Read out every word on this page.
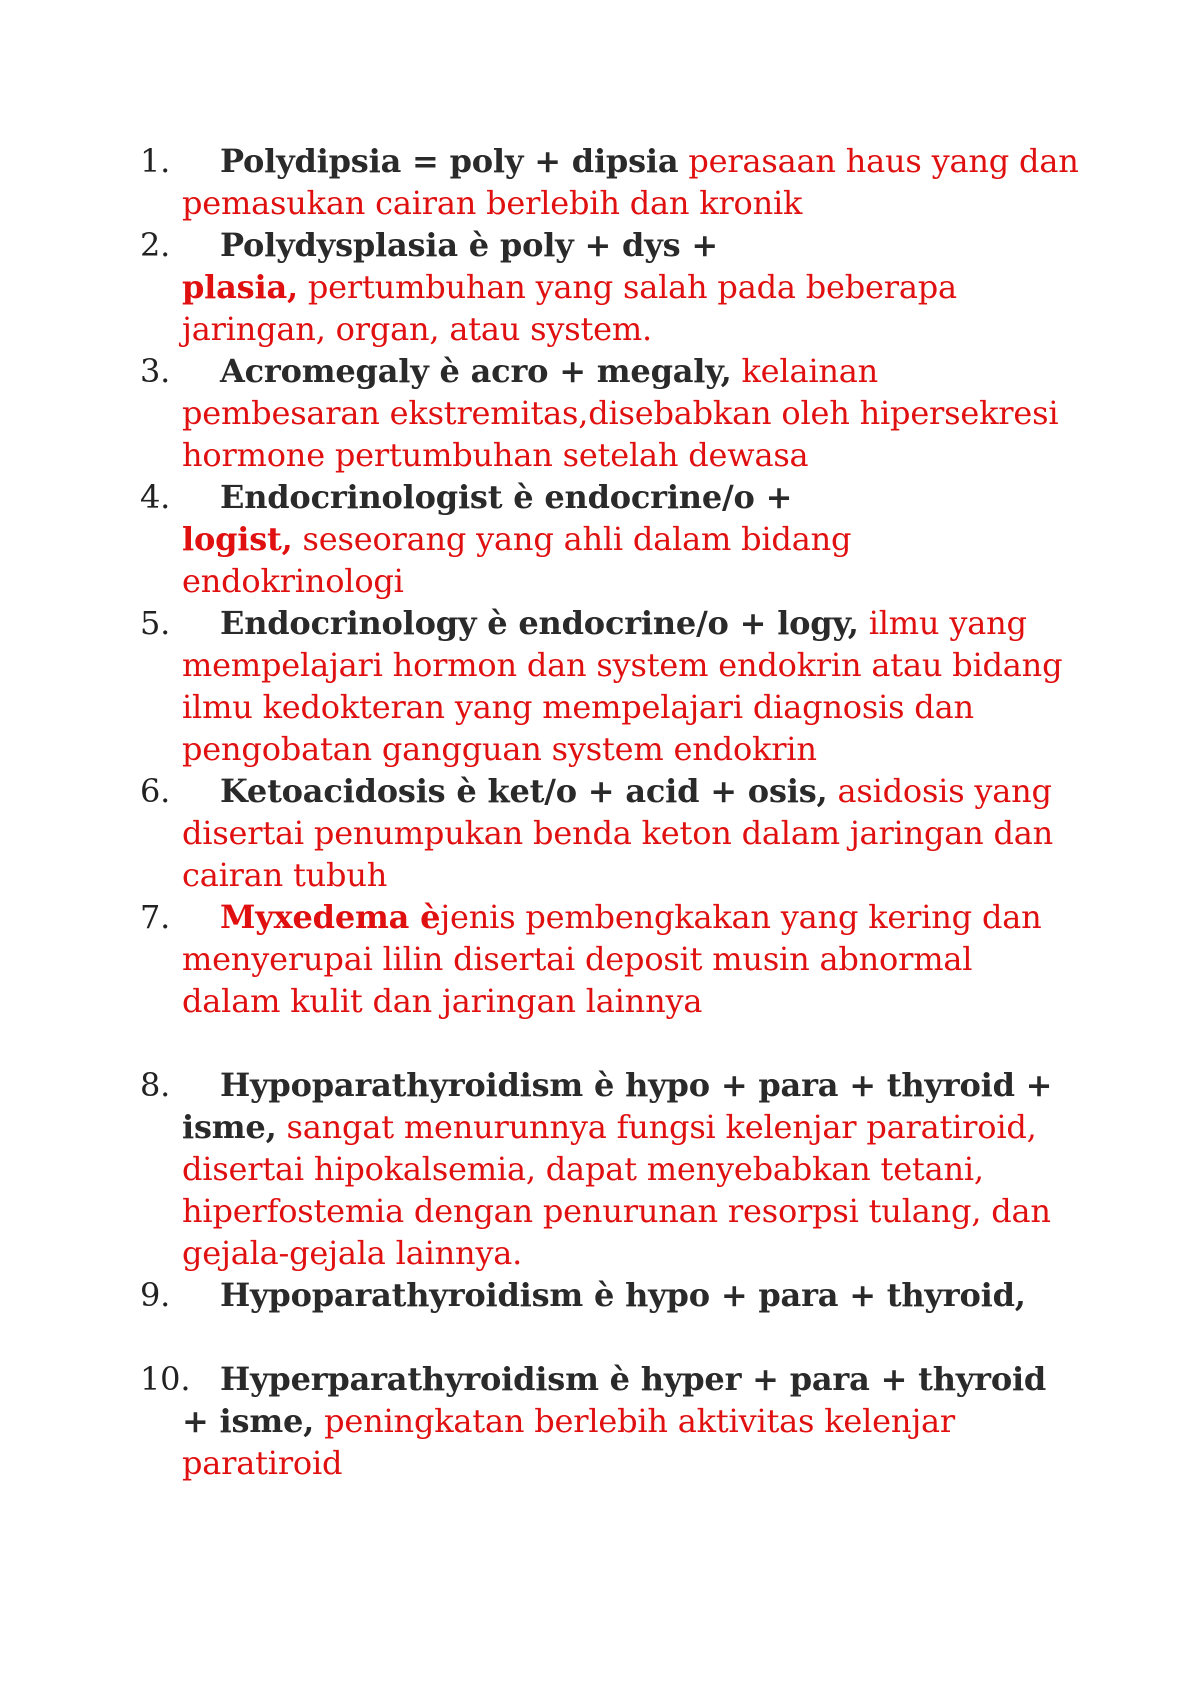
1.	Polydipsia = poly + dipsia perasaan haus yang dan pemasukan cairan berlebih dan kronik
2.	Polydysplasia è poly + dys +
plasia, pertumbuhan yang salah pada beberapa jaringan, organ, atau system.
3.	Acromegaly è acro + megaly, kelainan pembesaran ekstremitas,disebabkan oleh hipersekresi hormone pertumbuhan setelah dewasa
4.	Endocrinologist è endocrine/o +
logist, seseorang yang ahli dalam bidang endokrinologi
5.	Endocrinology è endocrine/o + logy, ilmu yang mempelajari hormon dan system endokrin atau bidang ilmu kedokteran yang mempelajari diagnosis dan pengobatan gangguan system endokrin
6.	Ketoacidosis è ket/o + acid + osis, asidosis yang disertai penumpukan benda keton dalam jaringan dan cairan tubuh
7.	Myxedema èjenis pembengkakan yang kering dan menyerupai lilin disertai deposit musin abnormal dalam kulit dan jaringan lainnya
8.	Hypoparathyroidism è hypo + para + thyroid + isme, sangat menurunnya fungsi kelenjar paratiroid, disertai hipokalsemia, dapat menyebabkan tetani, hiperfostemia dengan penurunan resorpsi tulang, dan gejala-gejala lainnya.
9.	Hypoparathyroidism è hypo + para + thyroid,
10. Hyperparathyroidism è hyper + para + thyroid + isme, peningkatan berlebih aktivitas kelenjar paratiroid
